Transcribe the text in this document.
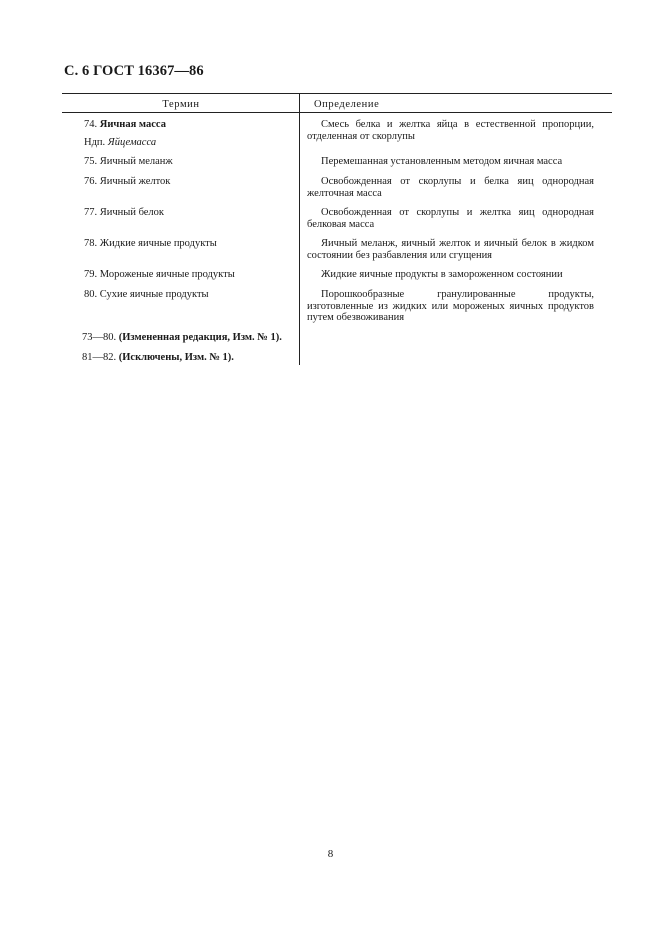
С. 6 ГОСТ 16367—86
Термин	Определение
74. Яичная масса	Смесь белка и желтка яйца в естественной пропорции, отделенная от скорлупы
Ндп. Яйцемасса
75. Яичный меланж	Перемешанная установленным методом яичная масса
76. Яичный желток	Освобожденная от скорлупы и белка яиц однородная желточная масса
77. Яичный белок	Освобожденная от скорлупы и желтка яиц однородная белковая масса
78. Жидкие яичные продукты	Яичный меланж, яичный желток и яичный белок в жидком состоянии без разбавления или сгущения
79. Мороженые яичные продукты	Жидкие яичные продукты в замороженном состоянии
80. Сухие яичные продукты	Порошкообразные гранулированные продукты, изготовленные из жидких или мороженых яичных продуктов путем обезвоживания
73—80. (Измененная редакция, Изм. № 1).
81—82. (Исключены, Изм. № 1).
8
